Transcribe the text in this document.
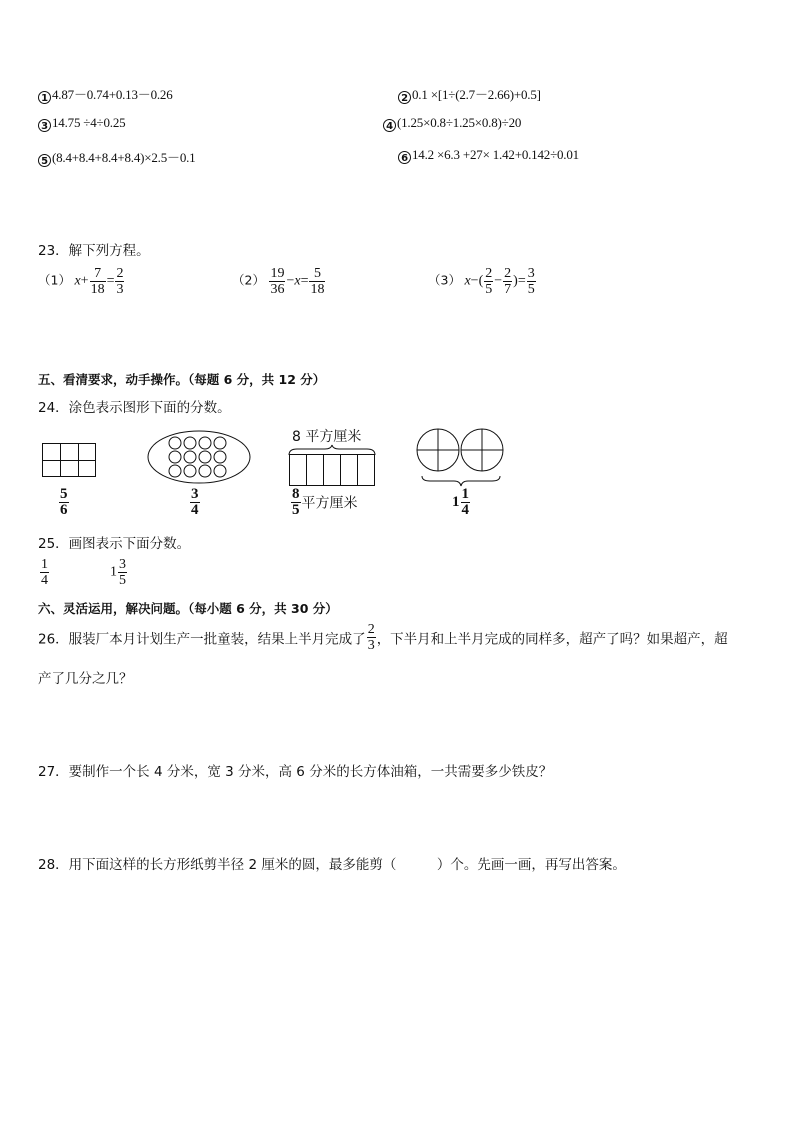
1 4.87－0.74+0.13－0.26	2 0.1 ×[1÷(2.7－2.66)+0.5]
3 14.75 ÷4÷0.25	4 (1.25×0.8÷1.25×0.8)÷20
5 (8.4+8.4+8.4+8.4)×2.5－0.1	6 14.2 ×6.3 +27× 1.42+0.142÷0.01
23．解下列方程。
（1） $x+ \frac{7}{18} = \frac{2}{3}$	$(2) \frac{19}{36} -x= \frac{5}{18}$	（3） $x-( \frac{2}{5} - \frac{2}{7}$ )= $\frac{3}{5}$
五、看清要求，动手操作。（每题 6 分，共 12 分）
24．涂色表示图形下面的分数。
$\frac{5}{6}$	$\frac{3}{4}$
8 平方厘米
$\frac{8}{5}$ 平方厘米	$1 \frac{1}{4}$
25．画图表示下面分数。
$\frac{1}{4}$	$1 \frac{3}{5}$
六、灵活运用，解决问题。（每小题 6 分，共 30 分）
26．服装厂本月计划生产一批童装，结果上半月完成了 $\frac{2}{3}$ ，下半月和上半月完成的同样多，超产了吗？如果超产，超
产了几分之几？
27．要制作一个长 4 分米，宽 3 分米，高 6 分米的长方体油箱，一共需要多少铁皮？
28．用下面这样的长方形纸剪半径 2 厘米的圆，最多能剪（　　　）个。先画一画，再写出答案。
